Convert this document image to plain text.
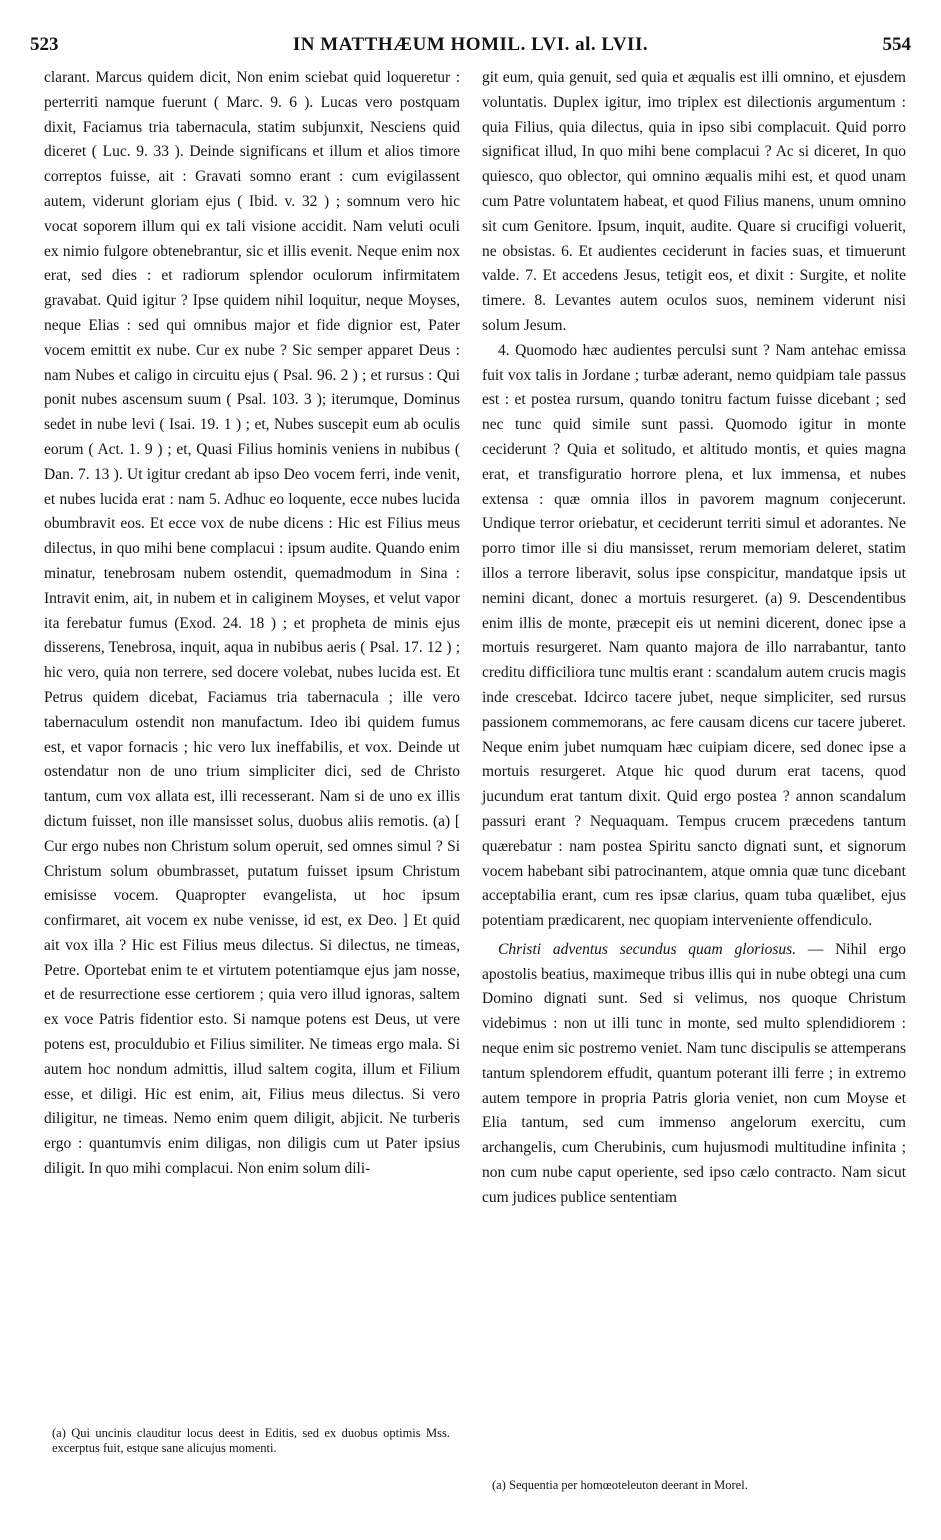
523	IN MATTHÆUM HOMIL. LVI. al. LVII.	554

clarant. Marcus quidem dicit, Non enim sciebat quid loqueretur : perterriti namque fuerunt ( Marc. 9. 6 ). Lucas vero postquam dixit, Faciamus tria tabernacula, statim subjunxit, Nesciens quid diceret ( Luc. 9. 33 ). Deinde significans et illum et alios timore correptos fuisse, ait : Gravati somno erant : cum evigilassent autem, viderunt gloriam ejus ( Ibid. v. 32 ) ; somnum vero hic vocat soporem illum qui ex tali visione accidit. Nam veluti oculi ex nimio fulgore obtenebrantur, sic et illis evenit. Neque enim nox erat, sed dies : et radiorum splendor oculorum infirmitatem gravabat. Quid igitur ? Ipse quidem nihil loquitur, neque Moyses, neque Elias : sed qui omnibus major et fide dignior est, Pater vocem emittit ex nube. Cur ex nube ? Sic semper apparet Deus : nam Nubes et caligo in circuitu ejus ( Psal. 96. 2 ) ; et rursus : Qui ponit nubes ascensum suum ( Psal. 103. 3 ); iterumque, Dominus sedet in nube levi ( Isai. 19. 1 ) ; et, Nubes suscepit eum ab oculis eorum ( Act. 1. 9 ) ; et, Quasi Filius hominis veniens in nubibus ( Dan. 7. 13 ). Ut igitur credant ab ipso Deo vocem ferri, inde venit, et nubes lucida erat : nam 5. Adhuc eo loquente, ecce nubes lucida obumbravit eos. Et ecce vox de nube dicens : Hic est Filius meus dilectus, in quo mihi bene complacui : ipsum audite. Quando enim minatur, tenebrosam nubem ostendit, quemadmodum in Sina : Intravit enim, ait, in nubem et in caliginem Moyses, et velut vapor ita ferebatur fumus (Exod. 24. 18 ) ; et propheta de minis ejus disserens, Tenebrosa, inquit, aqua in nubibus aeris ( Psal. 17. 12 ) ; hic vero, quia non terrere, sed docere volebat, nubes lucida est. Et Petrus quidem dicebat, Faciamus tria tabernacula ; ille vero tabernaculum ostendit non manufactum. Ideo ibi quidem fumus est, et vapor fornacis ; hic vero lux ineffabilis, et vox. Deinde ut ostendatur non de uno trium simpliciter dici, sed de Christo tantum, cum vox allata est, illi recesserant. Nam si de uno ex illis dictum fuisset, non ille mansisset solus, duobus aliis remotis. (a) [ Cur ergo nubes non Christum solum operuit, sed omnes simul ? Si Christum solum obumbrasset, putatum fuisset ipsum Christum emisisse vocem. Quapropter evangelista, ut hoc ipsum confirmaret, ait vocem ex nube venisse, id est, ex Deo. ] Et quid ait vox illa ? Hic est Filius meus dilectus. Si dilectus, ne timeas, Petre. Oportebat enim te et virtutem potentiamque ejus jam nosse, et de resurrectione esse certiorem ; quia vero illud ignoras, saltem ex voce Patris fidentior esto. Si namque potens est Deus, ut vere potens est, proculdubio et Filius similiter. Ne timeas ergo mala. Si autem hoc nondum admittis, illud saltem cogita, illum et Filium esse, et diligi. Hic est enim, ait, Filius meus dilectus. Si vero diligitur, ne timeas. Nemo enim quem diligit, abjicit. Ne turberis ergo : quantumvis enim diligas, non diligis cum ut Pater ipsius diligit. In quo mihi complacui. Non enim solum dili-

git eum, quia genuit, sed quia et æqualis est illi omnino, et ejusdem voluntatis. Duplex igitur, imo triplex est dilectionis argumentum : quia Filius, quia dilectus, quia in ipso sibi complacuit. Quid porro significat illud, In quo mihi bene complacui ? Ac si diceret, In quo quiesco, quo oblector, qui omnino æqualis mihi est, et quod unam cum Patre voluntatem habeat, et quod Filius manens, unum omnino sit cum Genitore. Ipsum, inquit, audite. Quare si crucifigi voluerit, ne obsistas. 6. Et audientes ceciderunt in facies suas, et timuerunt valde. 7. Et accedens Jesus, tetigit eos, et dixit : Surgite, et nolite timere. 8. Levantes autem oculos suos, neminem viderunt nisi solum Jesum.

4. Quomodo hæc audientes perculsi sunt ? Nam antehac emissa fuit vox talis in Jordane ; turbæ aderant, nemo quidpiam tale passus est : et postea rursum, quando tonitru factum fuisse dicebant ; sed nec tunc quid simile sunt passi. Quomodo igitur in monte ceciderunt ? Quia et solitudo, et altitudo montis, et quies magna erat, et transfiguratio horrore plena, et lux immensa, et nubes extensa : quæ omnia illos in pavorem magnum conjecerunt. Undique terror oriebatur, et ceciderunt territi simul et adorantes. Ne porro timor ille si diu mansisset, rerum memoriam deleret, statim illos a terrore liberavit, solus ipse conspicitur, mandatque ipsis ut nemini dicant, donec a mortuis resurgeret. (a) 9. Descendentibus enim illis de monte, præcepit eis ut nemini dicerent, donec ipse a mortuis resurgeret. Nam quanto majora de illo narrabantur, tanto creditu difficiliora tunc multis erant : scandalum autem crucis magis inde crescebat. Idcirco tacere jubet, neque simpliciter, sed rursus passionem commemorans, ac fere causam dicens cur tacere juberet. Neque enim jubet numquam hæc cuipiam dicere, sed donec ipse a mortuis resurgeret. Atque hic quod durum erat tacens, quod jucundum erat tantum dixit. Quid ergo postea ? annon scandalum passuri erant ? Nequaquam. Tempus crucem præcedens tantum quærebatur : nam postea Spiritu sancto dignati sunt, et signorum vocem habebant sibi patrocinantem, atque omnia quæ tunc dicebant acceptabilia erant, cum res ipsæ clarius, quam tuba quælibet, ejus potentiam prædicarent, nec quopiam interveniente offendiculo.

Christi adventus secundus quam gloriosus. — Nihil ergo apostolis beatius, maximeque tribus illis qui in nube obtegi una cum Domino dignati sunt. Sed si velimus, nos quoque Christum videbimus : non ut illi tunc in monte, sed multo splendidiorem : neque enim sic postremo veniet. Nam tunc discipulis se attemperans tantum splendorem effudit, quantum poterant illi ferre ; in extremo autem tempore in propria Patris gloria veniet, non cum Moyse et Elia tantum, sed cum immenso angelorum exercitu, cum archangelis, cum Cherubinis, cum hujusmodi multitudine infinita ; non cum nube caput operiente, sed ipso cælo contracto. Nam sicut cum judices publice sententiam

(a) Qui uncinis clauditur locus deest in Editis, sed ex duobus optimis Mss. excerptus fuit, estque sane alicujus momenti.
(a) Sequentia per homœoteleuton deerant in Morel.
